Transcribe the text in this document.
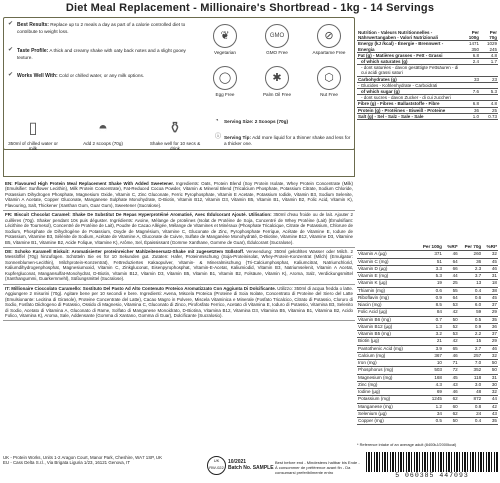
Diet Meal Replacement - Millionaire's Shortbread - 1kg - 14 Servings
✔ Best Results: Replace up to 2 meals a day as part of a calorie controlled diet to contribute to weight loss.
✔ Taste Profile: A thick and creamy shake with oaty back notes and a slight gooey texture.
✔ Works Well With: Cold or chilled water, or any milk options.
❦
Vegetarian
GMO
GMO Free
⊘
Aspartame Free
◯
Egg Free
✱
Palm Oil Free
⬡
Nut Free
▯
350ml of chilled water or milk
◓
Add 2 scoops (70g)
⚱
Shake well for 10 secs & drink
◔ Serving Size: 2 Scoops (70g)
ⓘ Serving Tip: Add more liquid for a thinner shake and less for a thicker one.
EN: Flavoured High Protein Meal Replacement Shake With Added Sweetener. Ingredients: Oats, Protein Blend (Soy Protein Isolate, Whey Protein Concentrate (Milk) (Emulsifier: Sunflower Lecithin), Milk Protein Concentrate), Fat-Reduced Cocoa Powder, Vitamin & Mineral Blend (Tricalcium Phosphate, Potassium Citrate, Sodium Chloride, Potassium Dihydrogen Phosphate, Magnesium Oxide, Vitamin C, Zinc Gluconate, Ferric Pyrophosphate, Vitamin E Acetate, Potassium Iodide, Vitamin B3, Sodium Selenite, Vitamin A Acetate, Copper Gluconate, Manganese Sulphate Monohydrate, D-Biotin, Vitamin B12, Vitamin D3, Vitamin B5, Vitamin B1, Vitamin B2, Folic Acid, Vitamin K), Flavouring, Salt, Thickener (Xanthan Gum, Guar Gum), Sweetener (Sucralose).
FR: Biscuit Chocolat Caramel: Shake De Substitut De Repas Hyperprotéiné Aromatisé, Avec Édulcorant Ajouté. Utilisation: 350ml d'eau froide ou de lait. Ajouter 2 cuillères (70g). Shaker pendant 10s puis déguster. Ingrédients: Avoine, Mélange de protéines (Isolat de Protéine de Soja, Concentré de Whey Protéine (Lait) (Émulsifiant: Lécithine de Tournesol), Concentré de Protéine de Lait), Poudre de Cacao Allégée, Mélange de Vitamines et Minéraux (Phosphate Tricalcique, Citrate de Potassium, Chlorure de Sodium, Phosphate de Dihydrogène de Potassium, Oxyde de Magnésium, Vitamine C, Gluconate de Zinc, Pyrophosphate Ferrique, Acétate de Vitamine E, Iodure de Potassium, Vitamine B3, Sélénite de Sodium, Acétate de Vitamine A, Gluconate de Cuivre, Sulfate de Manganèse Monohydraté, D-Biotine, Vitamine B12, Vitamine D3, Vitamine B5, Vitamine B1, Vitamine B2, Acide Folique, Vitamine K), Arôme, Sel, Épaississant (Gomme Xanthane, Gomme de Guar), Édulcorant (Sucralose).
DE: Schoko Karamell Biskuit: Aromatisierter proteinreicher Mahlzeitenersatz-Shake mit zugesetztem Süßstoff. Verwendung: 350ml gekühltes Wasser oder Milch. 2 Messlöffel (70g) hinzufügen. Schütteln Sie es für 10 Sekunden gut. Zutaten: Hafer, Proteinmischung (Soja-Proteinisolat, Whey-Protein-Konzentrat (Milch) (Emulgator: Sonnenblumen-Lecithin), Milchprotein-Konzentrat), Fettreduziertes Kakaopulver, Vitamin- & Mineralmischung (Tri-Calciumphosphat, Kaliumcitrat, Natriumchlorid, Kaliumdihydrogenphosphat, Magnesiumoxid, Vitamin C, Zinkgluconat, Eisenpyrophosphat, Vitamin-E-Acetat, Kaliumiodid, Vitamin B3, Natriumselenit, Vitamin A Acetat, Kupfergluconat, Mangansulfat-Monohydrat, D-Biotin, Vitamin B12, Vitamin D3, Vitamin B5, Vitamin B1, Vitamin B2, Folsäure, Vitamin K), Aroma, Salz, Verdickungsmittel (Xanthangummi, Guarkernmehl), Süßungsmittel (Sucralose).
IT: Millionaire Cioccolato Caramello: Sostituto Del Pasto Ad Alto Contenuto Proteico Aromatizzato Con Aggiunta Di Dolcificante. Utilizzo: 350ml di acqua fredda o latte. Aggiungere 2 misurini (70g). Agitare bene per 10 secondi e bere. Ingredienti: Avena, Miscela Proteica (Proteine di Soia Isolate, Concentrato di Proteine del Siero del Latte (Emulsionante: Lecitina di Girasole), Proteine Concentrate del Latte), Cacao Magro in Polvere, Miscela Vitaminica e Minerale (Fosfato Tricalcico, Citrato di Potassio, Cloruro di Sodio, Fosfato Diidrogeno di Potassio, Ossido di Magnesio, Vitamina C, Gluconato di Zinco, Pirofosfato Ferrico, Acetato di Vitamina E, Ioduro di Potassio, Vitamina B3, Selenito di Sodio, Acetato di Vitamina A, Gluconato di Rame, Solfato di Manganese Monoidrato, D-Biotina, Vitamina B12, Vitamina D3, Vitamina B5, Vitamina B1, Vitamina B2, Acido Folico, Vitamina K), Aroma, Sale, Addensante (Gomma di Xantano, Gomma di Guar), Dolcificante (Sucralosio).
UK - Protein Works, Units 1-2 Aragon Court, Manor Park, Cheshire, WA7 1SP, UK
EU - Cass Delta S.r.l., Via Brigata Liguria 1/23, 16121 Genova, IT	UK
RW-022
10/2021
Batch No. SAMPLE
Best before end - Mindestens haltbar bis Ende - À consommer de préférence avant fin - Da consumarsi preferibilmente entro	5 060385 447093
Nutrition - Valeurs Nutritionnelles - Nährwertangaben - Valori Nutrizionali	Per 100g	Per 70g
Energy (kJ /kcal) - Énergie - Brennwert - Energia	1471 350	1029 245
Fat (g) - Matières grasses - Fett - Grassi	6.8	4.8
of which saturates (g)	2.4	1.7
- dont saturées - davon gesättigte Fettsäuren - di cui acidi grassi saturi		
Carbohydrates (g)	33	23
- Glucides - Kohlenhydrate - Carboidrati		
of which sugar (g)	7.6	5.3
- dont sucres - davon Zucker - di cui zuccheri		
Fibre (g) - Fibres - Ballaststoffe - Fibre	6.8	4.8
Protein (g) - Protéines - Eiweiß - Proteine	36	25
Salt (g) - Sel - Salz - Sale - Sale	1.0	0.73
	Per 100g	%RI*	Per 70g	%RI*
Vitamin A (µg)	371	46	260	32
Vitamin C (mg)	51	64	36	45
Vitamin D (µg)	3.3	66	2.3	46
Vitamin E (mg)	5.3	44	3.7	31
Vitamin K (µg)	19	25	13	18
Thiamin (mg)	0.6	55	0.4	38
Riboflavin (mg)	0.9	64	0.6	45
Niacin (mg)	8.5	53	6.0	37
Folic Acid (µg)	84	42	59	29
Vitamin B6 (mg)	0.7	50	0.5	35
Vitamin B12 (µg)	1.3	52	0.9	36
Vitamin B5 (mg)	3.2	53	2.2	37
Biotin (µg)	21	42	15	29
Pantothenic Acid (mg)	3.9	65	2.7	46
Calcium (mg)	367	46	257	32
Iron (mg)	10	71	7.0	50
Phosphorus (mg)	503	72	352	50
Magnesium (mg)	168	45	118	31
Zinc (mg)	4.3	43	3.0	30
Iodine (µg)	69	46	48	32
Potassium (mg)	1245	62	872	44
Manganese (mg)	1.2	60	0.8	42
Selenium (µg)	34	62	24	43
Copper (mg)	0.5	50	0.4	35
* Reference intake of an average adult (8400kJ/2000kcal)
